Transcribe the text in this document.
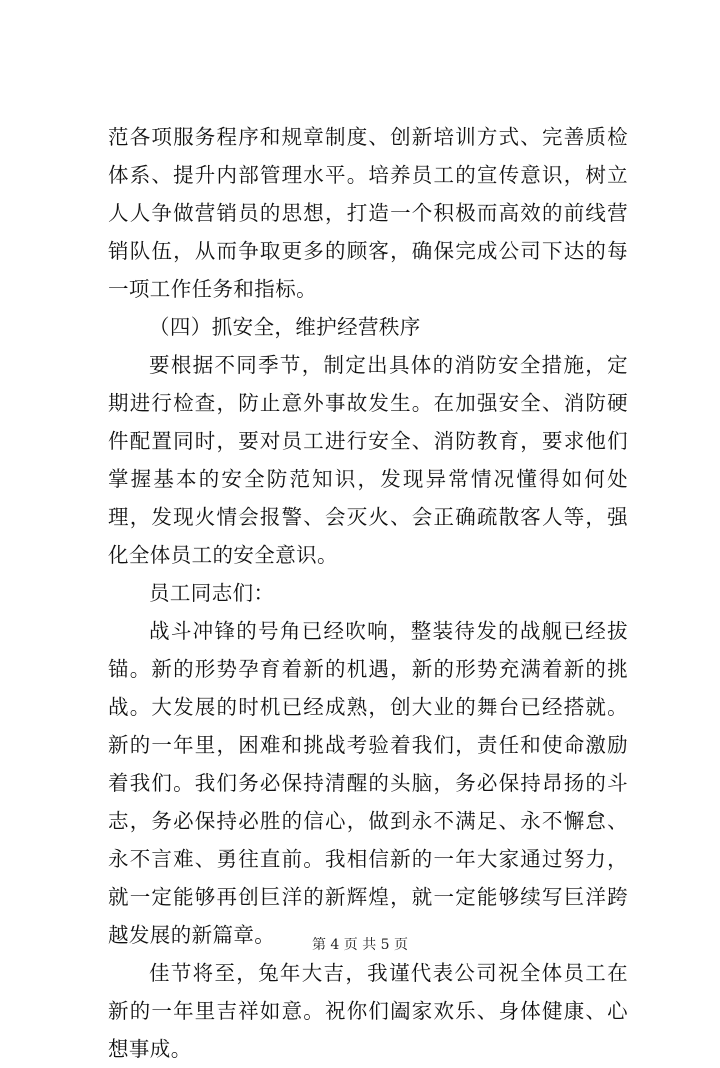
范各项服务程序和规章制度、创新培训方式、完善质检体系、提升内部管理水平。培养员工的宣传意识，树立人人争做营销员的思想，打造一个积极而高效的前线营销队伍，从而争取更多的顾客，确保完成公司下达的每一项工作任务和指标。

（四）抓安全，维护经营秩序

要根据不同季节，制定出具体的消防安全措施，定期进行检查，防止意外事故发生。在加强安全、消防硬件配置同时，要对员工进行安全、消防教育，要求他们掌握基本的安全防范知识，发现异常情况懂得如何处理，发现火情会报警、会灭火、会正确疏散客人等，强化全体员工的安全意识。

员工同志们：

战斗冲锋的号角已经吹响，整装待发的战舰已经拔锚。新的形势孕育着新的机遇，新的形势充满着新的挑战。大发展的时机已经成熟，创大业的舞台已经搭就。新的一年里，困难和挑战考验着我们，责任和使命激励着我们。我们务必保持清醒的头脑，务必保持昂扬的斗志，务必保持必胜的信心，做到永不满足、永不懈怠、永不言难、勇往直前。我相信新的一年大家通过努力，就一定能够再创巨洋的新辉煌，就一定能够续写巨洋跨越发展的新篇章。

佳节将至，兔年大吉，我谨代表公司祝全体员工在新的一年里吉祥如意。祝你们阖家欢乐、身体健康、心想事成。

第 4 页 共 5 页
